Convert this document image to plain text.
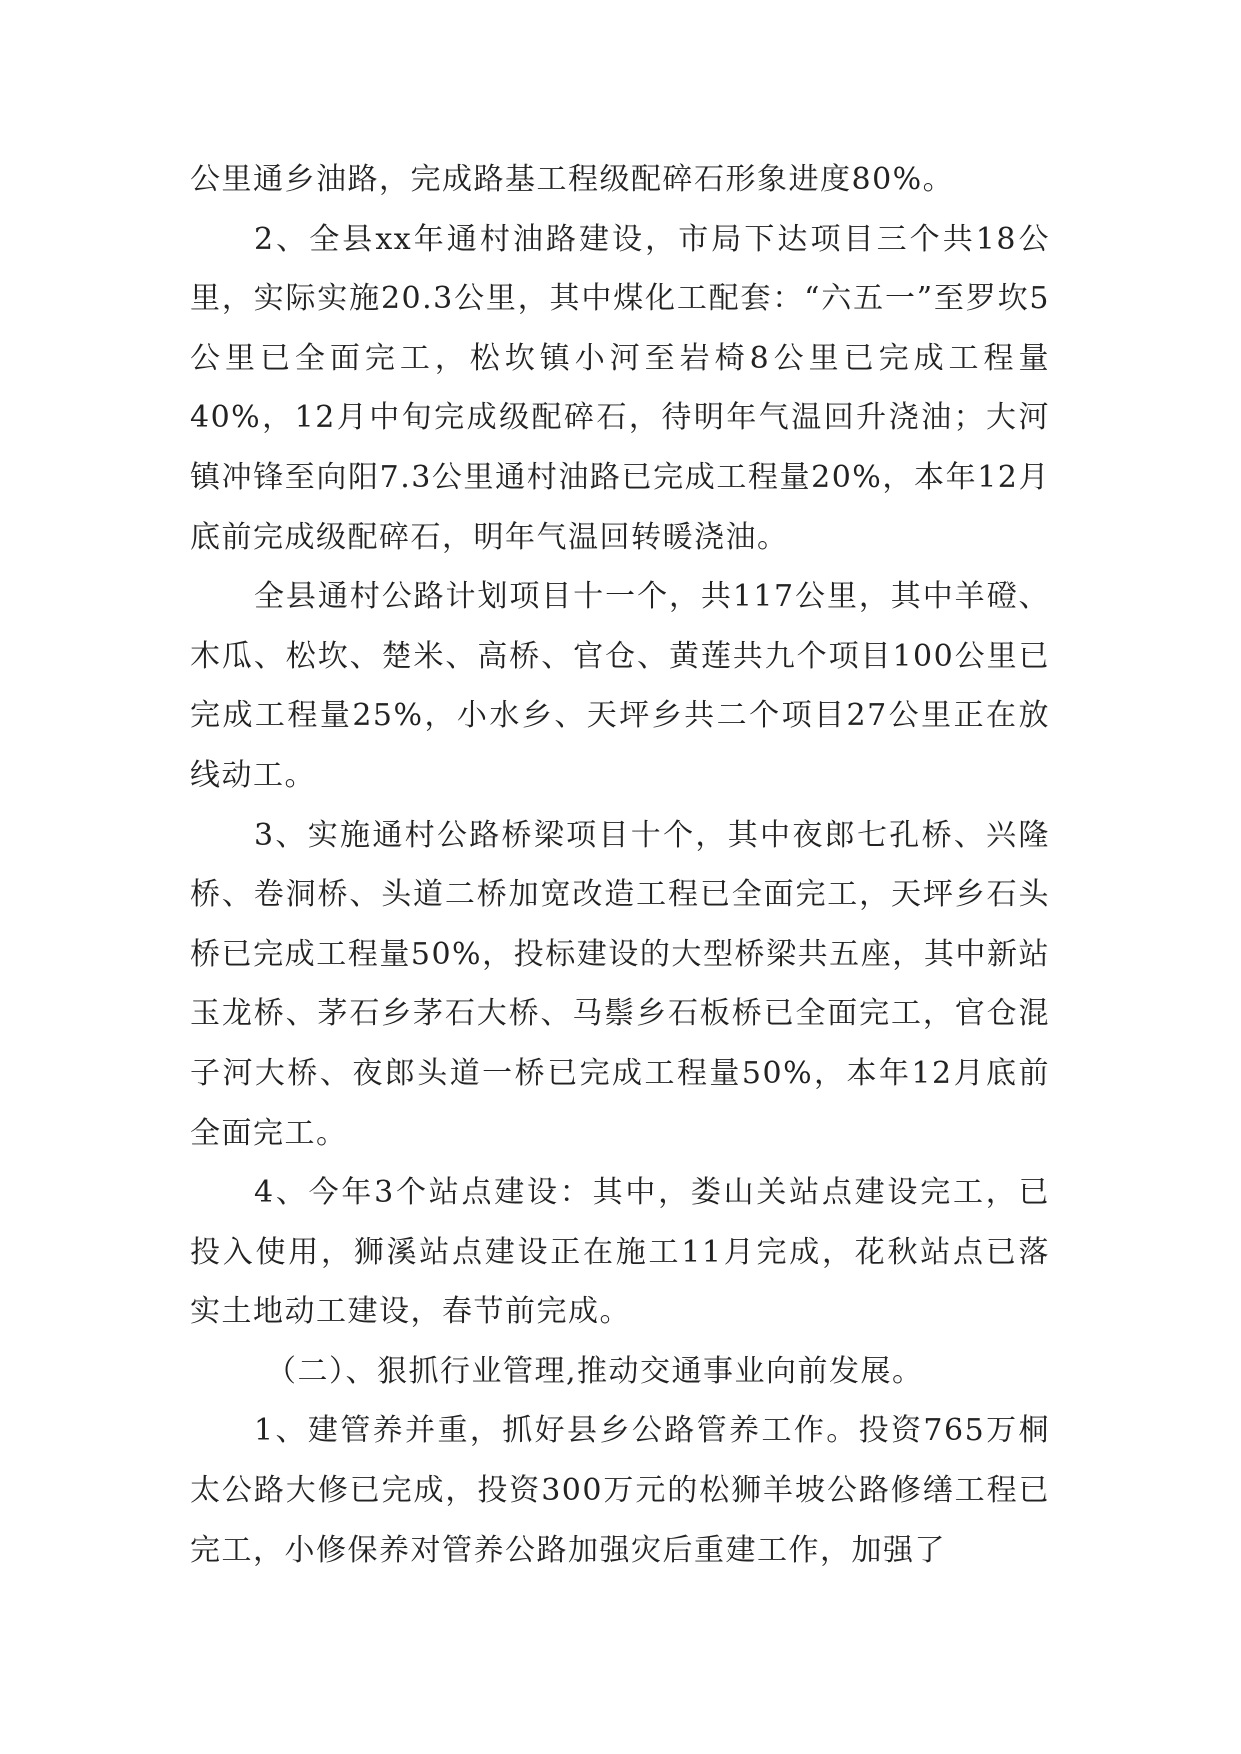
公里通乡油路，完成路基工程级配碎石形象进度80%。

2、全县xx年通村油路建设，市局下达项目三个共18公里，实际实施20.3公里，其中煤化工配套：“六五一”至罗坎5公里已全面完工，松坎镇小河至岩椅8公里已完成工程量40%，12月中旬完成级配碎石，待明年气温回升浇油；大河镇冲锋至向阳7.3公里通村油路已完成工程量20%，本年12月底前完成级配碎石，明年气温回转暖浇油。

全县通村公路计划项目十一个，共117公里，其中羊磴、木瓜、松坎、楚米、高桥、官仓、黄莲共九个项目100公里已完成工程量25%，小水乡、天坪乡共二个项目27公里正在放线动工。

3、实施通村公路桥梁项目十个，其中夜郎七孔桥、兴隆桥、卷洞桥、头道二桥加宽改造工程已全面完工，天坪乡石头桥已完成工程量50%，投标建设的大型桥梁共五座，其中新站玉龙桥、茅石乡茅石大桥、马鬃乡石板桥已全面完工，官仓混子河大桥、夜郎头道一桥已完成工程量50%，本年12月底前全面完工。

4、今年3个站点建设：其中，娄山关站点建设完工，已投入使用，狮溪站点建设正在施工11月完成，花秋站点已落实土地动工建设，春节前完成。

（二）、狠抓行业管理,推动交通事业向前发展。

1、建管养并重，抓好县乡公路管养工作。投资765万桐太公路大修已完成，投资300万元的松狮羊坡公路修缮工程已完工，小修保养对管养公路加强灾后重建工作，加强了
